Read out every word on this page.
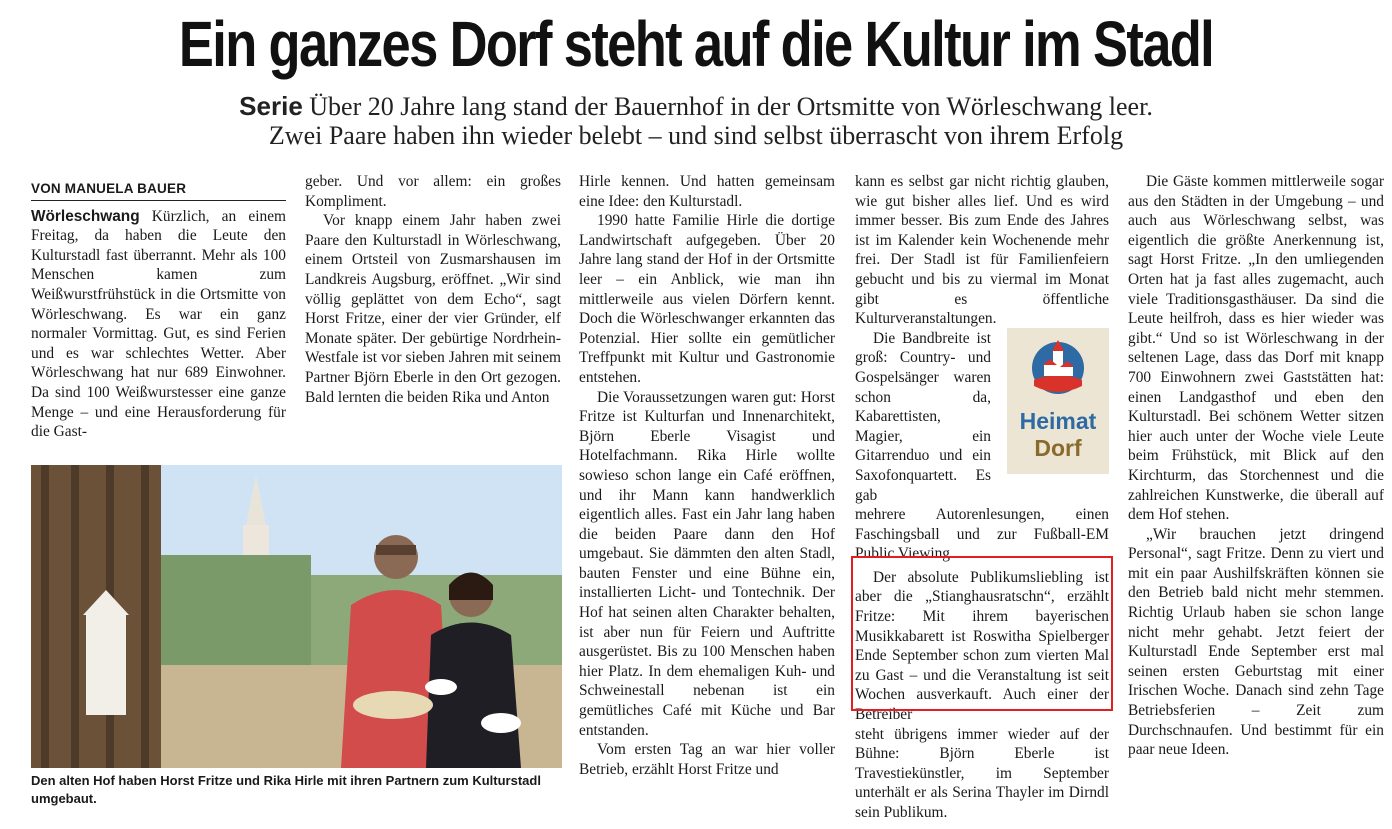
Ein ganzes Dorf steht auf die Kultur im Stadl
Serie Über 20 Jahre lang stand der Bauernhof in der Ortsmitte von Wörleschwang leer.
Zwei Paare haben ihn wieder belebt – und sind selbst überrascht von ihrem Erfolg
VON MANUELA BAUER

Wörleschwang Kürzlich, an einem Freitag, da haben die Leute den Kulturstadl fast überrannt. Mehr als 100 Menschen kamen zum Weißwurstfrühstück in die Ortsmitte von Wörleschwang. Es war ein ganz normaler Vormittag. Gut, es sind Ferien und es war schlechtes Wetter. Aber Wörleschwang hat nur 689 Einwohner. Da sind 100 Weißwurstesser eine ganze Menge – und eine Herausforderung für die Gast-

geber. Und vor allem: ein großes Kompliment.

Vor knapp einem Jahr haben zwei Paare den Kulturstadl in Wörleschwang, einem Ortsteil von Zusmarshausen im Landkreis Augsburg, eröffnet. „Wir sind völlig geplättet von dem Echo“, sagt Horst Fritze, einer der vier Gründer, elf Monate später. Der gebürtige Nordrhein-Westfale ist vor sieben Jahren mit seinem Partner Björn Eberle in den Ort gezogen. Bald lernten die beiden Rika und Anton

Hirle kennen. Und hatten gemeinsam eine Idee: den Kulturstadl.

1990 hatte Familie Hirle die dortige Landwirtschaft aufgegeben. Über 20 Jahre lang stand der Hof in der Ortsmitte leer – ein Anblick, wie man ihn mittlerweile aus vielen Dörfern kennt. Doch die Wörleschwanger erkannten das Potenzial. Hier sollte ein gemütlicher Treffpunkt mit Kultur und Gastronomie entstehen.

Die Voraussetzungen waren gut: Horst Fritze ist Kulturfan und Innenarchitekt, Björn Eberle Visagist und Hotelfachmann. Rika Hirle wollte sowieso schon lange ein Café eröffnen, und ihr Mann kann handwerklich eigentlich alles. Fast ein Jahr lang haben die beiden Paare dann den Hof umgebaut. Sie dämmten den alten Stadl, bauten Fenster und eine Bühne ein, installierten Licht- und Tontechnik. Der Hof hat seinen alten Charakter behalten, ist aber nun für Feiern und Auftritte ausgerüstet. Bis zu 100 Menschen haben hier Platz. In dem ehemaligen Kuh- und Schweinestall nebenan ist ein gemütliches Café mit Küche und Bar entstanden.

Vom ersten Tag an war hier voller Betrieb, erzählt Horst Fritze und

kann es selbst gar nicht richtig glauben, wie gut bisher alles lief. Und es wird immer besser. Bis zum Ende des Jahres ist im Kalender kein Wochenende mehr frei. Der Stadl ist für Familienfeiern gebucht und bis zu viermal im Monat gibt es öffentliche Kulturveranstaltungen.

Die Bandbreite ist groß: Country- und Gospelsänger waren schon da, Kabarettisten, Magier, ein Gitarrenduo und ein Saxofonquartett. Es gab

mehrere Autorenlesungen, einen Faschingsball und zur Fußball-EM Public Viewing.

Der absolute Publikumsliebling ist aber die „Stianghausratschn“, erzählt Fritze: Mit ihrem bayerischen Musikkabarett ist Roswitha Spielberger Ende September schon zum vierten Mal zu Gast – und die Veranstaltung ist seit Wochen ausverkauft. Auch einer der Betreiber

steht übrigens immer wieder auf der Bühne: Björn Eberle ist Travestiekünstler, im September unterhält er als Serina Thayler im Dirndl sein Publikum.

Die Gäste kommen mittlerweile sogar aus den Städten in der Umgebung – und auch aus Wörleschwang selbst, was eigentlich die größte Anerkennung ist, sagt Horst Fritze. „In den umliegenden Orten hat ja fast alles zugemacht, auch viele Traditionsgasthäuser. Da sind die Leute heilfroh, dass es hier wieder was gibt.“ Und so ist Wörleschwang in der seltenen Lage, dass das Dorf mit knapp 700 Einwohnern zwei Gaststätten hat: einen Landgasthof und eben den Kulturstadl. Bei schönem Wetter sitzen hier auch unter der Woche viele Leute beim Frühstück, mit Blick auf den Kirchturm, das Storchennest und die zahlreichen Kunstwerke, die überall auf dem Hof stehen.

„Wir brauchen jetzt dringend Personal“, sagt Fritze. Denn zu viert und mit ein paar Aushilfskräften können sie den Betrieb bald nicht mehr stemmen. Richtig Urlaub haben sie schon lange nicht mehr gehabt. Jetzt feiert der Kulturstadl Ende September erst mal seinen ersten Geburtstag mit einer Irischen Woche. Danach sind zehn Tage Betriebsferien – Zeit zum Durchschnaufen. Und bestimmt für ein paar neue Ideen.

Heimat
Dorf
Den alten Hof haben Horst Fritze und Rika Hirle mit ihren Partnern zum Kulturstadl umgebaut.
